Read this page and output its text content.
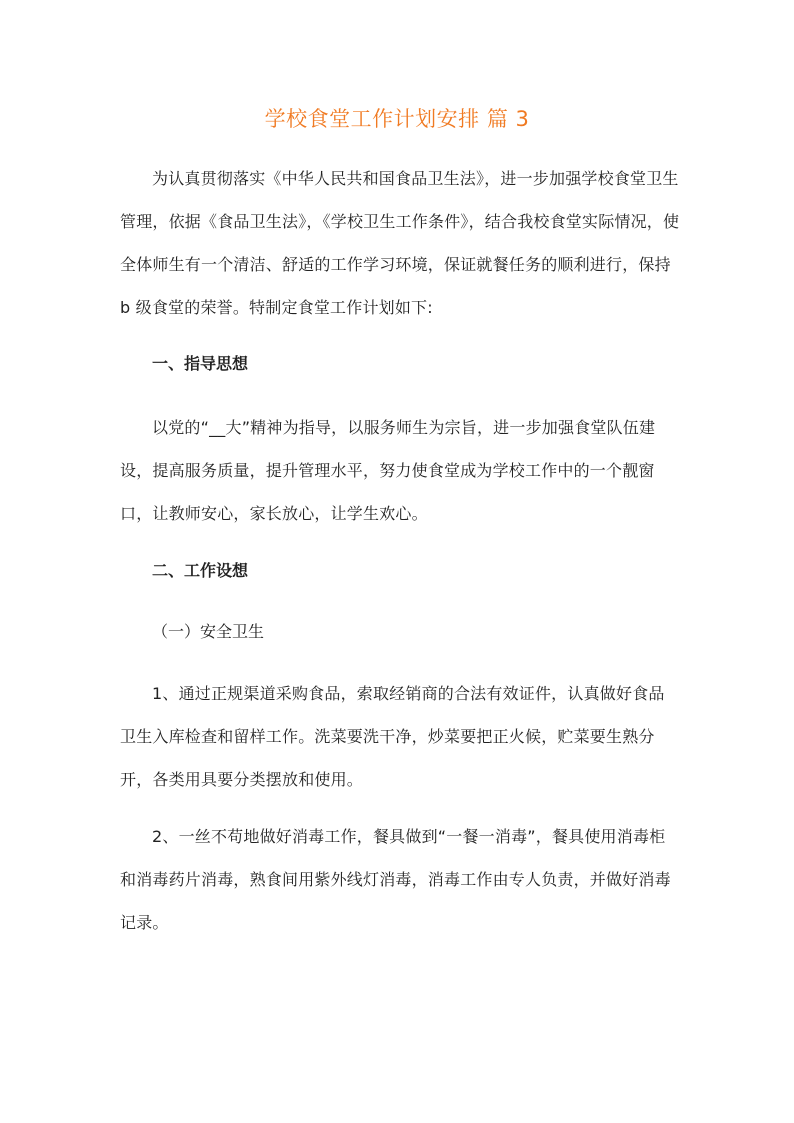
学校食堂工作计划安排 篇 3

为认真贯彻落实《中华人民共和国食品卫生法》，进一步加强学校食堂卫生管理，依据《食品卫生法》，《学校卫生工作条件》，结合我校食堂实际情况，使全体师生有一个清洁、舒适的工作学习环境，保证就餐任务的顺利进行，保持 b 级食堂的荣誉。特制定食堂工作计划如下:

一、指导思想

以党的“__大”精神为指导，以服务师生为宗旨，进一步加强食堂队伍建设，提高服务质量，提升管理水平，努力使食堂成为学校工作中的一个靓窗口，让教师安心，家长放心，让学生欢心。

二、工作设想

（一）安全卫生

1、通过正规渠道采购食品，索取经销商的合法有效证件，认真做好食品卫生入库检查和留样工作。洗菜要洗干净，炒菜要把正火候，贮菜要生熟分开，各类用具要分类摆放和使用。

2、一丝不苟地做好消毒工作，餐具做到“一餐一消毒”，餐具使用消毒柜和消毒药片消毒，熟食间用紫外线灯消毒，消毒工作由专人负责，并做好消毒记录。
